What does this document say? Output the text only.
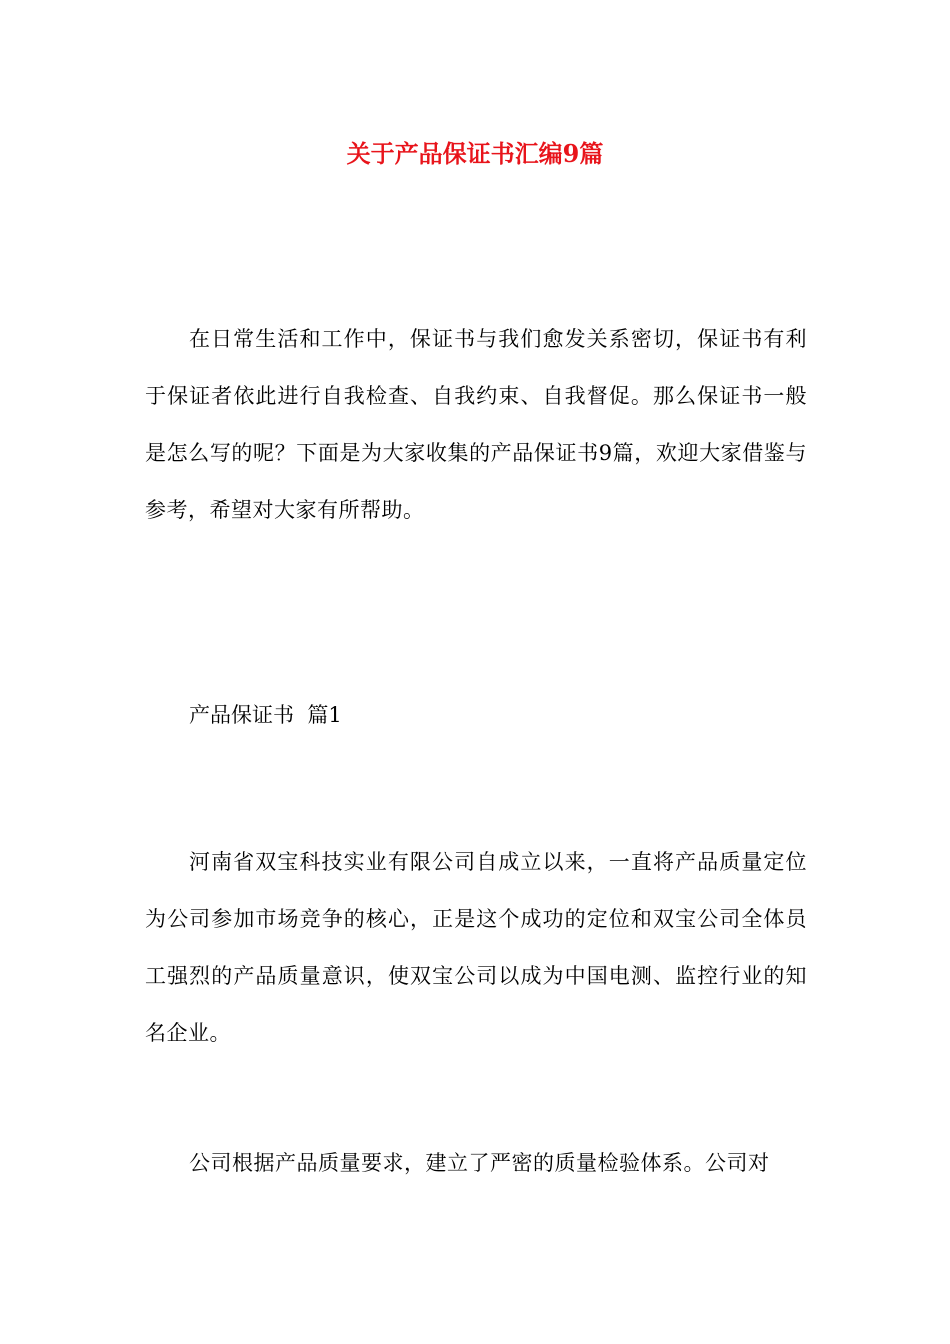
关于产品保证书汇编9篇

在日常生活和工作中，保证书与我们愈发关系密切，保证书有利于保证者依此进行自我检查、自我约束、自我督促。那么保证书一般是怎么写的呢？下面是为大家收集的产品保证书9篇，欢迎大家借鉴与参考，希望对大家有所帮助。

产品保证书  篇1

河南省双宝科技实业有限公司自成立以来，一直将产品质量定位为公司参加市场竞争的核心，正是这个成功的定位和双宝公司全体员工强烈的产品质量意识，使双宝公司以成为中国电测、监控行业的知名企业。

公司根据产品质量要求，建立了严密的质量检验体系。公司对
